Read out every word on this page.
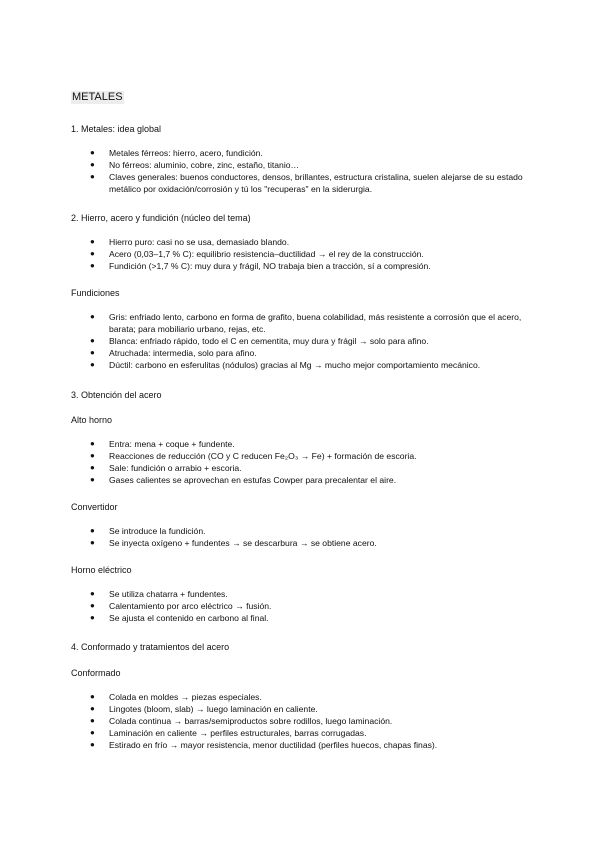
METALES
1. Metales: idea global
● Metales férreos: hierro, acero, fundición.
● No férreos: aluminio, cobre, zinc, estaño, titanio…
● Claves generales: buenos conductores, densos, brillantes, estructura cristalina, suelen alejarse de su estado metálico por oxidación/corrosión y tú los "recuperas" en la siderurgia.
2. Hierro, acero y fundición (núcleo del tema)
● Hierro puro: casi no se usa, demasiado blando.
● Acero (0,03–1,7 % C): equilibrio resistencia–ductilidad → el rey de la construcción.
● Fundición (>1,7 % C): muy dura y frágil, NO trabaja bien a tracción, sí a compresión.
Fundiciones
● Gris: enfriado lento, carbono en forma de grafito, buena colabilidad, más resistente a corrosión que el acero, barata; para mobiliario urbano, rejas, etc.
● Blanca: enfriado rápido, todo el C en cementita, muy dura y frágil → solo para afino.
● Atruchada: intermedia, solo para afino.
● Dúctil: carbono en esferulitas (nódulos) gracias al Mg → mucho mejor comportamiento mecánico.
3. Obtención del acero
Alto horno
● Entra: mena + coque + fundente.
● Reacciones de reducción (CO y C reducen Fe₂O₃ → Fe) + formación de escoria.
● Sale: fundición o arrabio + escoria.
● Gases calientes se aprovechan en estufas Cowper para precalentar el aire.
Convertidor
● Se introduce la fundición.
● Se inyecta oxígeno + fundentes → se descarbura → se obtiene acero.
Horno eléctrico
● Se utiliza chatarra + fundentes.
● Calentamiento por arco eléctrico → fusión.
● Se ajusta el contenido en carbono al final.
4. Conformado y tratamientos del acero
Conformado
● Colada en moldes → piezas especiales.
● Lingotes (bloom, slab) → luego laminación en caliente.
● Colada continua → barras/semiproductos sobre rodillos, luego laminación.
● Laminación en caliente → perfiles estructurales, barras corrugadas.
● Estirado en frío → mayor resistencia, menor ductilidad (perfiles huecos, chapas finas).
